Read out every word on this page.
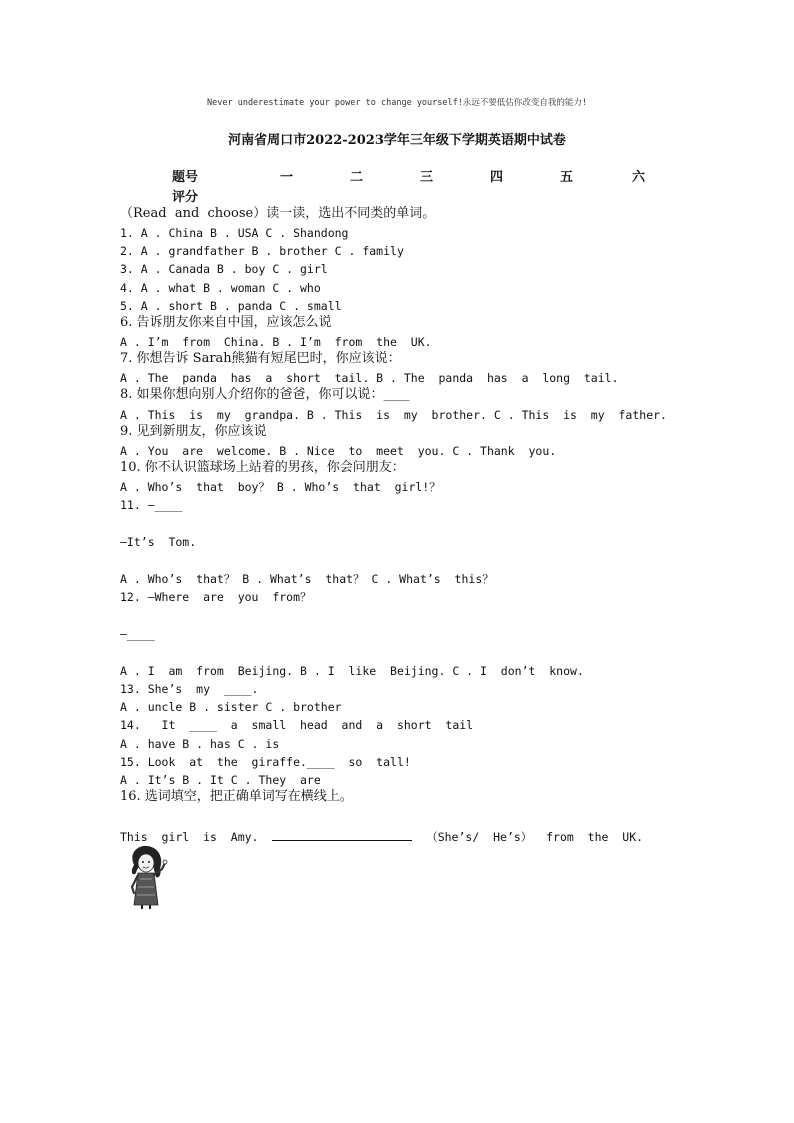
Never underestimate your power to change yourself!永远不要低估你改变自我的能力!
河南省周口市2022-2023学年三年级下学期英语期中试卷
题号	一	二	三	四	五	六
评分
（Read  and  choose）读一读，选出不同类的单词。
1. A . China B . USA C . Shandong
2. A . grandfather B . brother C . family
3. A . Canada B . boy C . girl
4. A . what B . woman C . who
5. A . short B . panda C . small
6. 告诉朋友你来自中国，应该怎么说
A . I’m  from  China. B . I’m  from  the  UK.
7. 你想告诉 Sarah熊猫有短尾巴时，你应该说：
A . The  panda  has  a  short  tail. B . The  panda  has  a  long  tail.
8. 如果你想向别人介绍你的爸爸，你可以说：____
A . This  is  my  grandpa. B . This  is  my  brother. C . This  is  my  father.
9. 见到新朋友，你应该说
A . You  are  welcome. B . Nice  to  meet  you. C . Thank  you.
10. 你不认识篮球场上站着的男孩，你会问朋友：
A . Who’s  that  boy？ B . Who’s  that  girl!？
11. —____
—It’s  Tom.
A . Who’s  that？ B . What’s  that？ C . What’s  this？
12. —Where  are  you  from？
—____
A . I  am  from  Beijing. B . I  like  Beijing. C . I  don’t  know.
13. She’s  my  ____.
A . uncle B . sister C . brother
14.   It  ____  a  small  head  and  a  short  tail
A . have B . has C . is
15. Look  at  the  giraffe.____  so  tall!
A . It’s B . It C . They  are
16. 选词填空，把正确单词写在横线上。
This  girl  is  Amy.	（She’s/  He’s）  from  the  UK.
